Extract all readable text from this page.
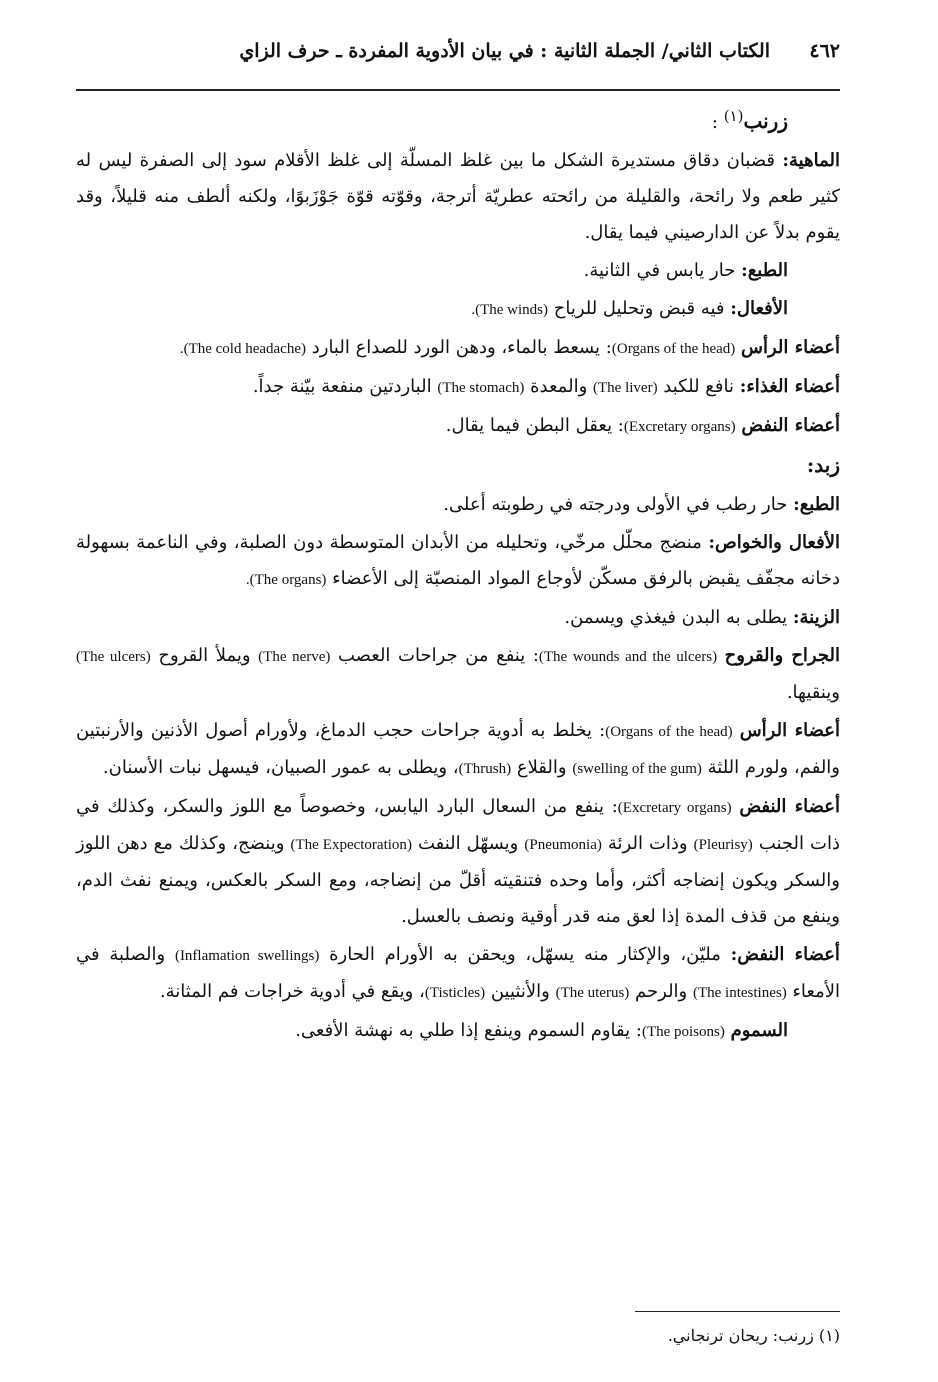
٤٦٢
الكتاب الثاني/ الجملة الثانية : في بيان الأدوية المفردة ـ حرف الزاي
زرنب$^{(١)}$ :

الماهية: قضبان دقاق مستديرة الشكل ما بين غلظ المسلّة إلى غلظ الأقلام سود إلى الصفرة ليس له كثير طعم ولا رائحة، والقليلة من رائحته عطريّة أترجة، وقوّته قوّة جَوْزَبوًا، ولكنه ألطف منه قليلاً، وقد يقوم بدلاً عن الدارصيني فيما يقال.

الطبع: حار يابس في الثانية.

الأفعال: فيه قبض وتحليل للرياح (The winds).

أعضاء الرأس (Organs of the head): يسعط بالماء، ودهن الورد للصداع البارد (The cold headache).

أعضاء الغذاء: نافع للكبد (The liver) والمعدة (The stomach) الباردتين منفعة بيّنة جداً.

أعضاء النفض (Excretary organs): يعقل البطن فيما يقال.

زبد:

الطبع: حار رطب في الأولى ودرجته في رطوبته أعلى.

الأفعال والخواص: منضج محلّل مرخّي، وتحليله من الأبدان المتوسطة دون الصلبة، وفي الناعمة بسهولة دخانه مجفّف يقبض بالرفق مسكّن لأوجاع المواد المنصبّة إلى الأعضاء (The organs).

الزينة: يطلى به البدن فيغذي ويسمن.

الجراح والقروح (The wounds and the ulcers): ينفع من جراحات العصب (The nerve) ويملأ القروح (The ulcers) وينقيها.

أعضاء الرأس (Organs of the head): يخلط به أدوية جراحات حجب الدماغ، ولأورام أصول الأذنين والأرنبتين والفم، ولورم اللثة (swelling of the gum) والقلاع (Thrush)، ويطلى به عمور الصبيان، فيسهل نبات الأسنان.

أعضاء النفض (Excretary organs): ينفع من السعال البارد اليابس، وخصوصاً مع اللوز والسكر، وكذلك في ذات الجنب (Pleurisy) وذات الرئة (Pneumonia) ويسهّل النفث (The Expectoration) وينضج، وكذلك مع دهن اللوز والسكر ويكون إنضاجه أكثر، وأما وحده فتنقيته أقلّ من إنضاجه، ومع السكر بالعكس، ويمنع نفث الدم، وينفع من قذف المدة إذا لعق منه قدر أوقية ونصف بالعسل.

أعضاء النفض: مليّن، والإكثار منه يسهّل، ويحقن به الأورام الحارة (Inflamation swellings) والصلبة في الأمعاء (The intestines) والرحم (The uterus) والأنثيين (Tisticles)، ويقع في أدوية خراجات فم المثانة.

السموم (The poisons): يقاوم السموم وينفع إذا طلي به نهشة الأفعى.

(١) زرنب: ريحان ترنجاني.
